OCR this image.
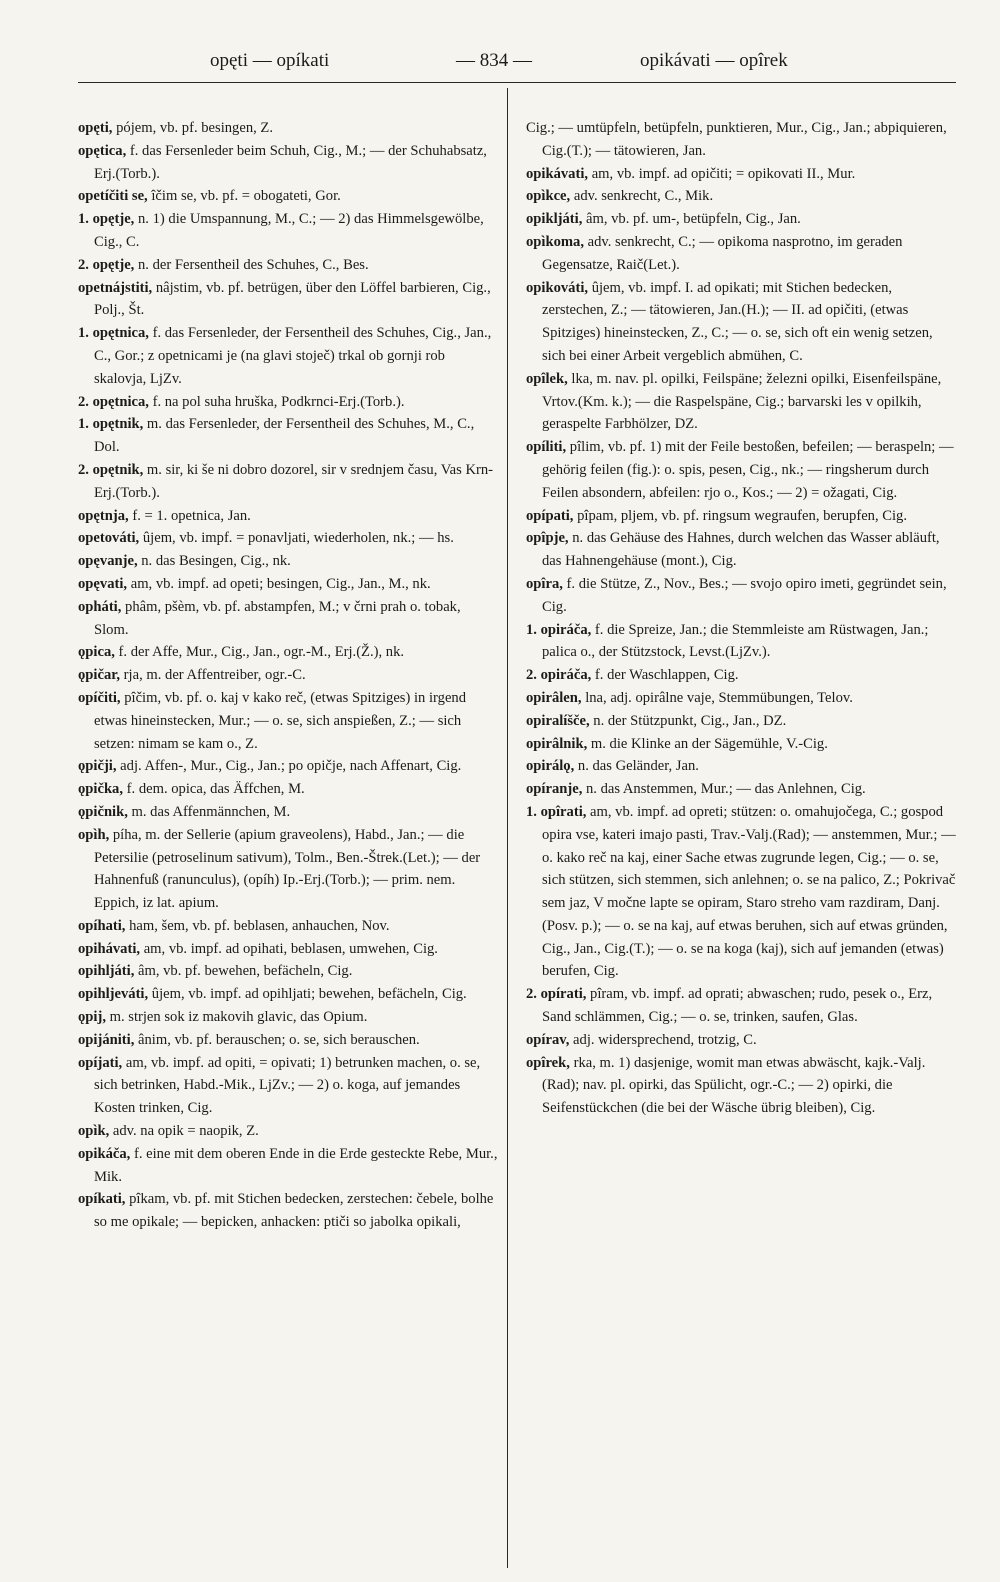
opęti — opíkati	— 834 —	opikávati — opîrek

opęti, pójem, vb. pf. besingen, Z.

opętica, f. das Fersenleder beim Schuh, Cig., M.; — der Schuhabsatz, Erj.(Torb.).

opetíčiti se, îčim se, vb. pf. = obogateti, Gor.

1. opętje, n. 1) die Umspannung, M., C.; — 2) das Himmelsgewölbe, Cig., C.

2. opętje, n. der Fersentheil des Schuhes, C., Bes.

opetnájstiti, nâjstim, vb. pf. betrügen, über den Löffel barbieren, Cig., Polj., Št.

1. opętnica, f. das Fersenleder, der Fersentheil des Schuhes, Cig., Jan., C., Gor.; z opetnicami je (na glavi stoječ) trkal ob gornji rob skalovja, LjZv.

2. opętnica, f. na pol suha hruška, Podkrnci-Erj.(Torb.).

1. opętnik, m. das Fersenleder, der Fersentheil des Schuhes, M., C., Dol.

2. opętnik, m. sir, ki še ni dobro dozorel, sir v srednjem času, Vas Krn-Erj.(Torb.).

opętnja, f. = 1. opetnica, Jan.

opetováti, ûjem, vb. impf. = ponavljati, wiederholen, nk.; — hs.

opęvanje, n. das Besingen, Cig., nk.

opęvati, am, vb. impf. ad opeti; besingen, Cig., Jan., M., nk.

opháti, phâm, pšèm, vb. pf. abstampfen, M.; v črni prah o. tobak, Slom.

ǫpica, f. der Affe, Mur., Cig., Jan., ogr.-M., Erj.(Ž.), nk.

ǫpičar, rja, m. der Affentreiber, ogr.-C.

opíčiti, pîčim, vb. pf. o. kaj v kako reč, (etwas Spitziges) in irgend etwas hineinstecken, Mur.; — o. se, sich anspießen, Z.; — sich setzen: nimam se kam o., Z.

ǫpičji, adj. Affen-, Mur., Cig., Jan.; po opičje, nach Affenart, Cig.

ǫpička, f. dem. opica, das Äffchen, M.

ǫpičnik, m. das Affenmännchen, M.

opìh, píha, m. der Sellerie (apium graveolens), Habd., Jan.; — die Petersilie (petroselinum sativum), Tolm., Ben.-Štrek.(Let.); — der Hahnenfuß (ranunculus), (opíh) Ip.-Erj.(Torb.); — prim. nem. Eppich, iz lat. apium.

opíhati, ham, šem, vb. pf. beblasen, anhauchen, Nov.

opihávati, am, vb. impf. ad opihati, beblasen, umwehen, Cig.

opihljáti, âm, vb. pf. bewehen, befächeln, Cig.

opihljeváti, ûjem, vb. impf. ad opihljati; bewehen, befächeln, Cig.

ǫpij, m. strjen sok iz makovih glavic, das Opium.

opijániti, ânim, vb. pf. berauschen; o. se, sich berauschen.

opíjati, am, vb. impf. ad opiti, = opivati; 1) betrunken machen, o. se, sich betrinken, Habd.-Mik., LjZv.; — 2) o. koga, auf jemandes Kosten trinken, Cig.

opìk, adv. na opik = naopik, Z.

opikáča, f. eine mit dem oberen Ende in die Erde gesteckte Rebe, Mur., Mik.

opíkati, pîkam, vb. pf. mit Stichen bedecken, zerstechen: čebele, bolhe so me opikale; — bepicken, anhacken: ptiči so jabolka opikali,

Cig.; — umtüpfeln, betüpfeln, punktieren, Mur., Cig., Jan.; abpiquieren, Cig.(T.); — tätowieren, Jan.

opikávati, am, vb. impf. ad opičiti; = opikovati II., Mur.

opìkce, adv. senkrecht, C., Mik.

opikljáti, âm, vb. pf. um-, betüpfeln, Cig., Jan.

opìkoma, adv. senkrecht, C.; — opikoma nasprotno, im geraden Gegensatze, Raič(Let.).

opikováti, ûjem, vb. impf. I. ad opikati; mit Stichen bedecken, zerstechen, Z.; — tätowieren, Jan.(H.); — II. ad opičiti, (etwas Spitziges) hineinstecken, Z., C.; — o. se, sich oft ein wenig setzen, sich bei einer Arbeit vergeblich abmühen, C.

opîlek, lka, m. nav. pl. opilki, Feilspäne; železni opilki, Eisenfeilspäne, Vrtov.(Km. k.); — die Raspelspäne, Cig.; barvarski les v opilkih, geraspelte Farbhölzer, DZ.

opíliti, pîlim, vb. pf. 1) mit der Feile bestoßen, befeilen; — beraspeln; — gehörig feilen (fig.): o. spis, pesen, Cig., nk.; — ringsherum durch Feilen absondern, abfeilen: rjo o., Kos.; — 2) = ožagati, Cig.

opípati, pîpam, pljem, vb. pf. ringsum wegraufen, berupfen, Cig.

opîpje, n. das Gehäuse des Hahnes, durch welchen das Wasser abläuft, das Hahnengehäuse (mont.), Cig.

opîra, f. die Stütze, Z., Nov., Bes.; — svojo opiro imeti, gegründet sein, Cig.

1. opiráča, f. die Spreize, Jan.; die Stemmleiste am Rüstwagen, Jan.; palica o., der Stützstock, Levst.(LjZv.).

2. opiráča, f. der Waschlappen, Cig.

opirâlen, lna, adj. opirâlne vaje, Stemmübungen, Telov.

opiralíšče, n. der Stützpunkt, Cig., Jan., DZ.

opirâlnik, m. die Klinke an der Sägemühle, V.-Cig.

opirálǫ, n. das Geländer, Jan.

opíranje, n. das Anstemmen, Mur.; — das Anlehnen, Cig.

1. opîrati, am, vb. impf. ad opreti; stützen: o. omahujočega, C.; gospod opira vse, kateri imajo pasti, Trav.-Valj.(Rad); — anstemmen, Mur.; — o. kako reč na kaj, einer Sache etwas zugrunde legen, Cig.; — o. se, sich stützen, sich stemmen, sich anlehnen; o. se na palico, Z.; Pokrivač sem jaz, V močne lapte se opiram, Staro streho vam razdiram, Danj.(Posv. p.); — o. se na kaj, auf etwas beruhen, sich auf etwas gründen, Cig., Jan., Cig.(T.); — o. se na koga (kaj), sich auf jemanden (etwas) berufen, Cig.

2. opírati, pîram, vb. impf. ad oprati; abwaschen; rudo, pesek o., Erz, Sand schlämmen, Cig.; — o. se, trinken, saufen, Glas.

opírav, adj. widersprechend, trotzig, C.

opîrek, rka, m. 1) dasjenige, womit man etwas abwäscht, kajk.-Valj.(Rad); nav. pl. opirki, das Spülicht, ogr.-C.; — 2) opirki, die Seifenstückchen (die bei der Wäsche übrig bleiben), Cig.
